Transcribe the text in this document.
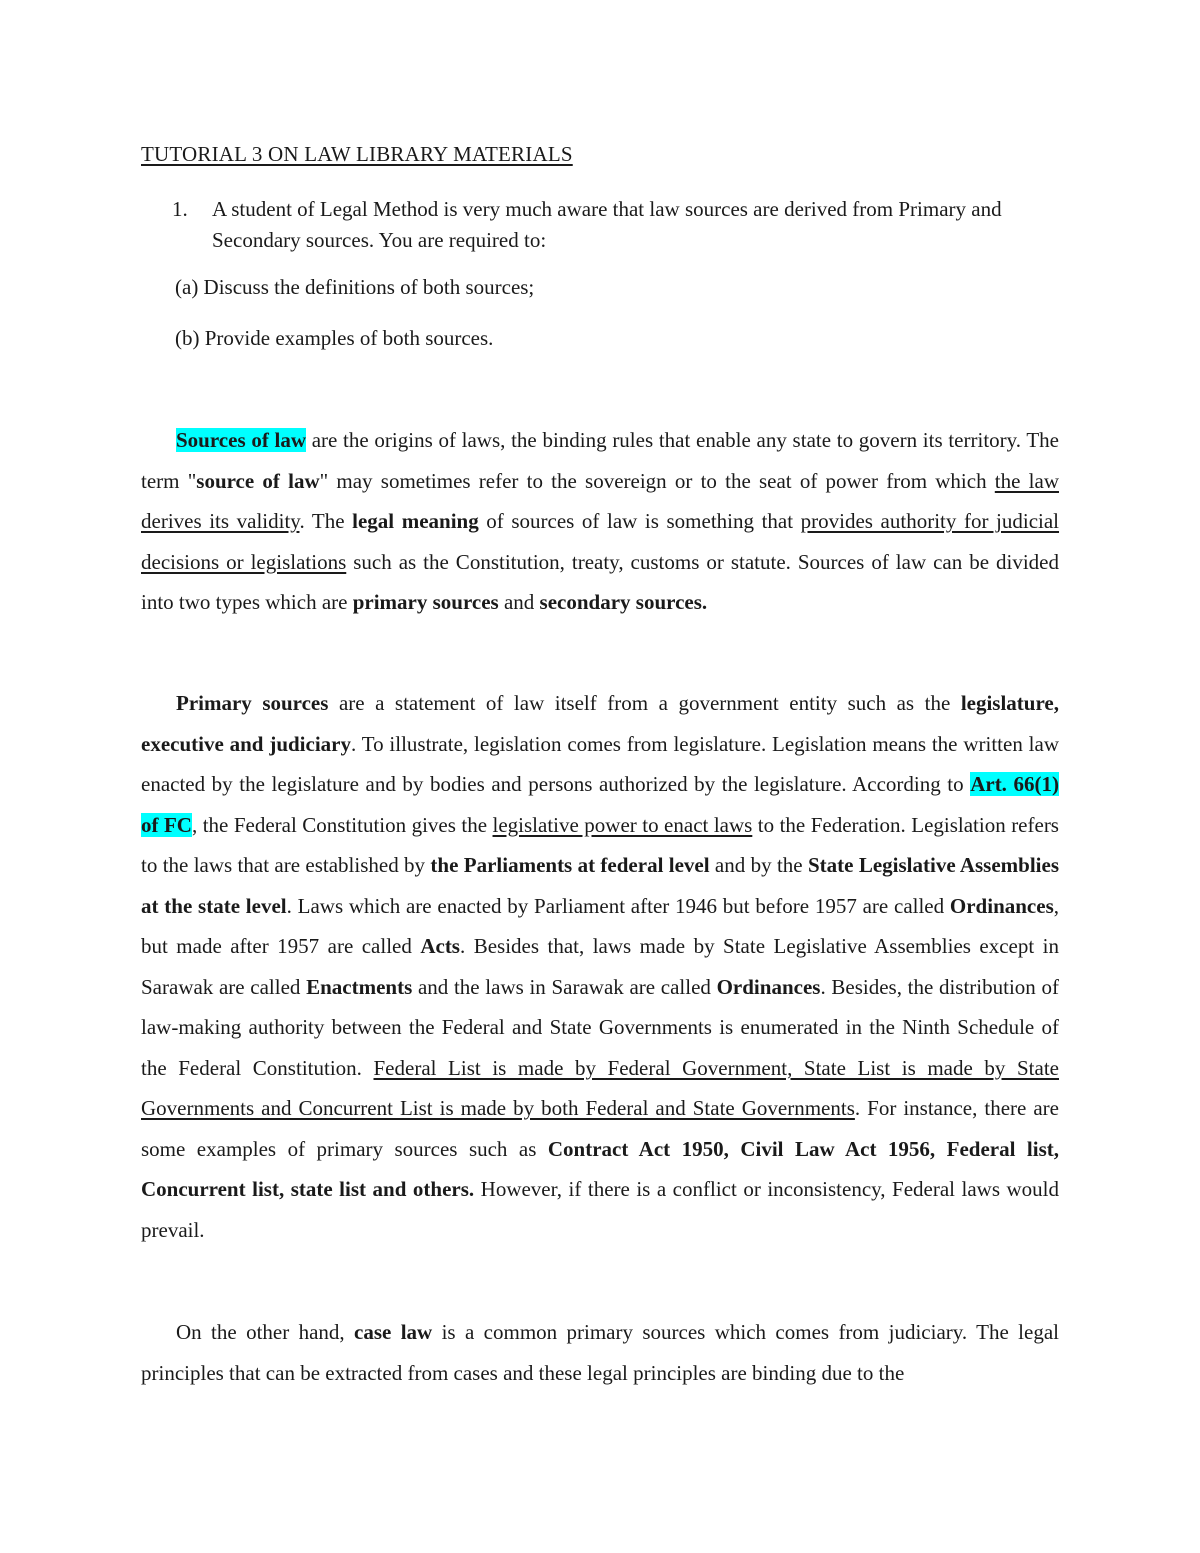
TUTORIAL 3 ON LAW LIBRARY MATERIALS
1. A student of Legal Method is very much aware that law sources are derived from Primary and Secondary sources. You are required to:
(a) Discuss the definitions of both sources;
(b) Provide examples of both sources.

Sources of law are the origins of laws, the binding rules that enable any state to govern its territory. The term "source of law" may sometimes refer to the sovereign or to the seat of power from which the law derives its validity. The legal meaning of sources of law is something that provides authority for judicial decisions or legislations such as the Constitution, treaty, customs or statute. Sources of law can be divided into two types which are primary sources and secondary sources.

Primary sources are a statement of law itself from a government entity such as the legislature, executive and judiciary. To illustrate, legislation comes from legislature. Legislation means the written law enacted by the legislature and by bodies and persons authorized by the legislature. According to Art. 66(1) of FC, the Federal Constitution gives the legislative power to enact laws to the Federation. Legislation refers to the laws that are established by the Parliaments at federal level and by the State Legislative Assemblies at the state level. Laws which are enacted by Parliament after 1946 but before 1957 are called Ordinances, but made after 1957 are called Acts. Besides that, laws made by State Legislative Assemblies except in Sarawak are called Enactments and the laws in Sarawak are called Ordinances. Besides, the distribution of law-making authority between the Federal and State Governments is enumerated in the Ninth Schedule of the Federal Constitution. Federal List is made by Federal Government, State List is made by State Governments and Concurrent List is made by both Federal and State Governments. For instance, there are some examples of primary sources such as Contract Act 1950, Civil Law Act 1956, Federal list, Concurrent list, state list and others. However, if there is a conflict or inconsistency, Federal laws would prevail.

On the other hand, case law is a common primary sources which comes from judiciary. The legal principles that can be extracted from cases and these legal principles are binding due to the
